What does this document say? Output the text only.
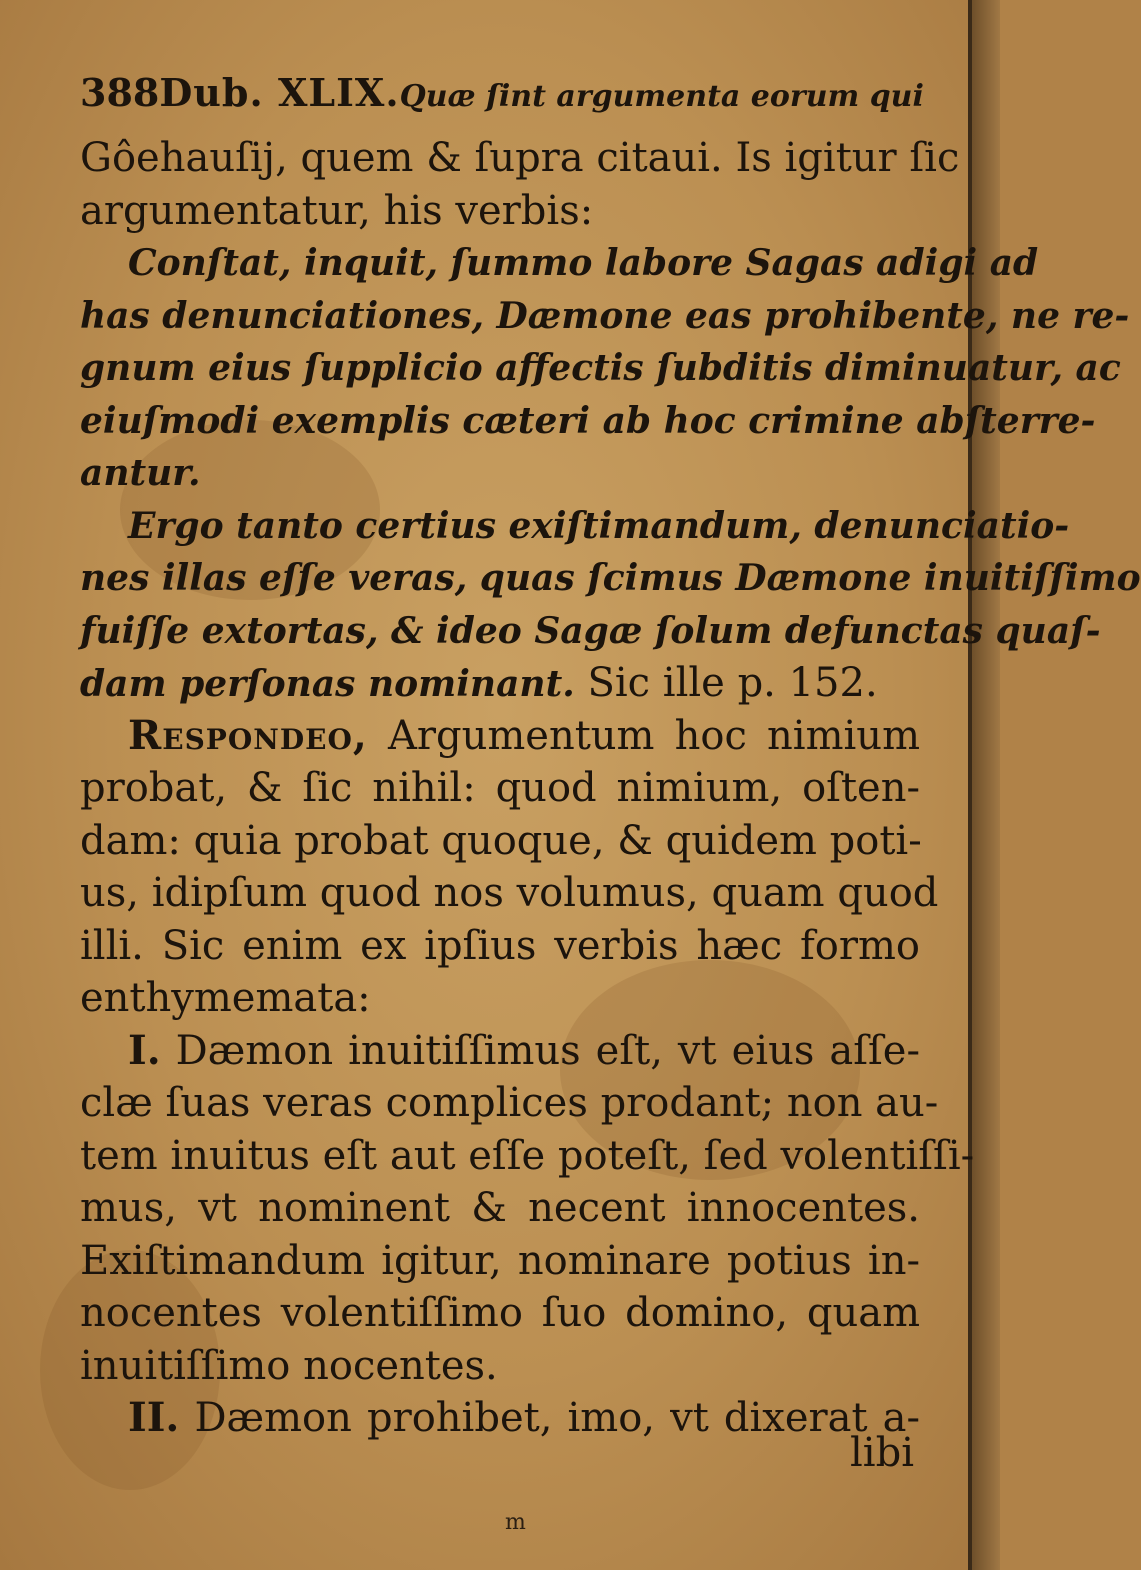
388 Dub. XLIX. Quæ ſint argumenta eorum qui
Gôehauſij, quem & ſupra citaui. Is igitur ſic
argumentatur, his verbis:
Conſtat, inquit, ſummo labore Sagas adigi ad
has denunciationes, Dæmone eas prohibente, ne re-
gnum eius ſupplicio affectis ſubditis diminuatur, ac
eiuſmodi exemplis cæteri ab hoc crimine abſterre-
antur.
Ergo tanto certius exiſtimandum, denunciatio-
nes illas eſſe veras, quas ſcimus Dæmone inuitiſſimo
fuiſſe extortas, & ideo Sagæ ſolum defunctas quaſ-
dam perſonas nominant. Sic ille p. 152.
Respondeo, Argumentum hoc nimium
probat, & ſic nihil: quod nimium, oſten-
dam: quia probat quoque, & quidem poti-
us, idipſum quod nos volumus, quam quod
illi. Sic enim ex ipſius verbis hæc formo
enthymemata:
I. Dæmon inuitiſſimus eſt, vt eius aſſe-
clæ ſuas veras complices prodant; non au-
tem inuitus eſt aut eſſe poteſt, ſed volentiſſi-
mus, vt nominent & necent innocentes.
Exiſtimandum igitur, nominare potius in-
nocentes volentiſſimo ſuo domino, quam
inuitiſſimo nocentes.
II. Dæmon prohibet, imo, vt dixerat a-
libi
m
